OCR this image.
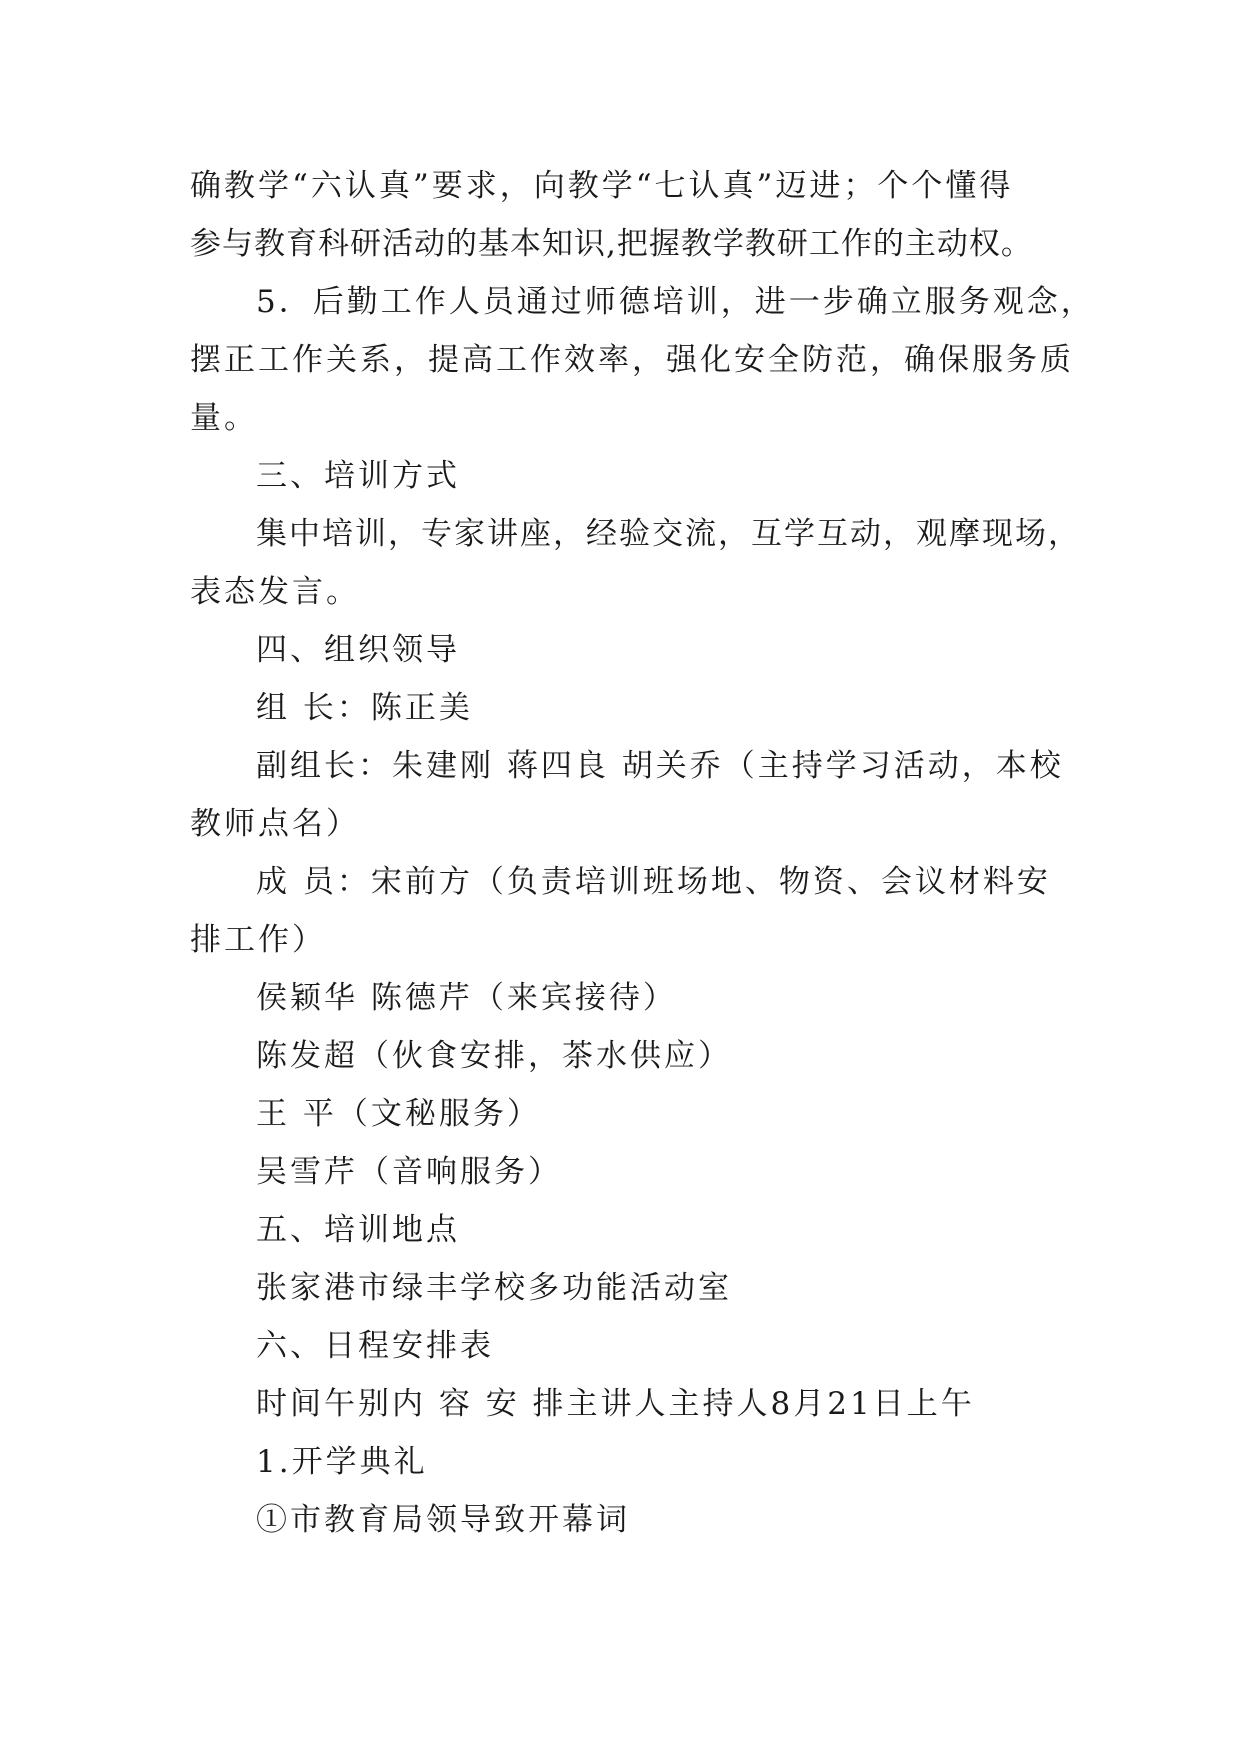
确教学“六认真”要求，向教学“七认真”迈进；个个懂得
参与教育科研活动的基本知识,把握教学教研工作的主动权。
5．后勤工作人员通过师德培训，进一步确立服务观念，
摆正工作关系，提高工作效率，强化安全防范，确保服务质
量。
三、培训方式
集中培训，专家讲座，经验交流，互学互动，观摩现场，
表态发言。
四、组织领导
组 长：陈正美
副组长：朱建刚 蒋四良 胡关乔（主持学习活动，本校
教师点名）
成 员：宋前方（负责培训班场地、物资、会议材料安
排工作）
侯颖华 陈德芹（来宾接待）
陈发超（伙食安排，茶水供应）
王 平（文秘服务）
吴雪芹（音响服务）
五、培训地点
张家港市绿丰学校多功能活动室
六、日程安排表
时间午别内 容 安 排主讲人主持人8月21日上午
1.开学典礼
①市教育局领导致开幕词
